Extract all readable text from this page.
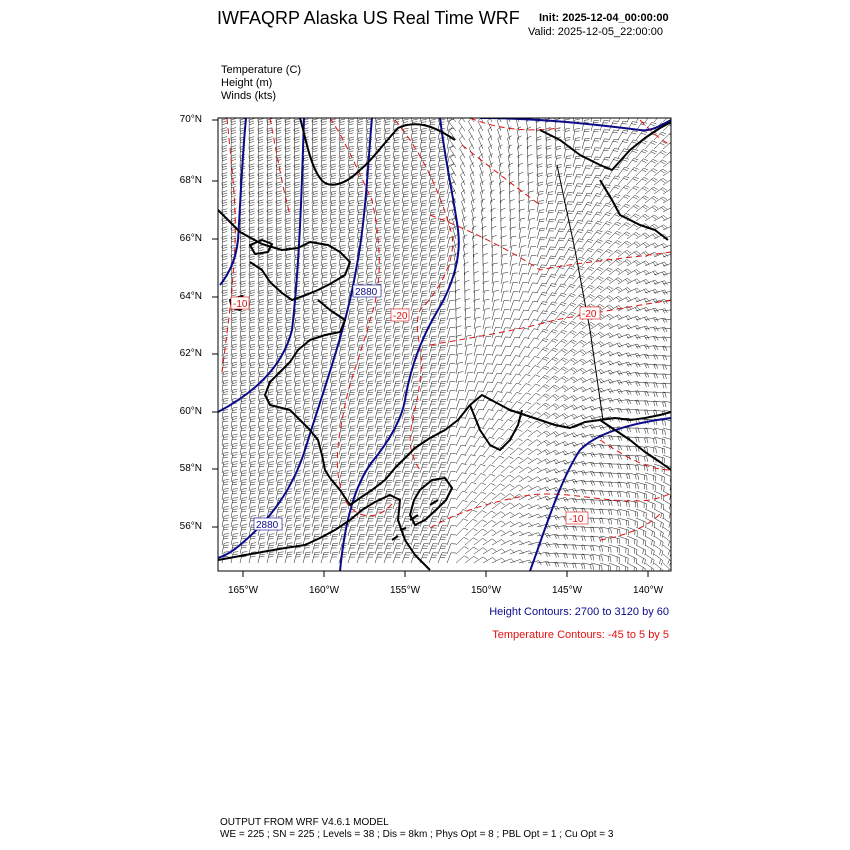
IWFAQRP Alaska US Real Time WRF Init: 2025-12-04_00:00:00
Valid: 2025-12-05_22:00:00
Temperature (C)
Height (m)
Winds (kts)
2880
2880
-10
-20	-20
-10
70°N
68°N
66°N
64°N
62°N
60°N
58°N
56°N
165°W	160°W	155°W	150°W	145°W	140°W
Height Contours: 2700 to 3120 by 60
Temperature Contours: -45 to 5 by 5
OUTPUT FROM WRF V4.6.1 MODEL
WE = 225 ; SN = 225 ; Levels = 38 ; Dis = 8km ; Phys Opt = 8 ; PBL Opt = 1 ; Cu Opt = 3
